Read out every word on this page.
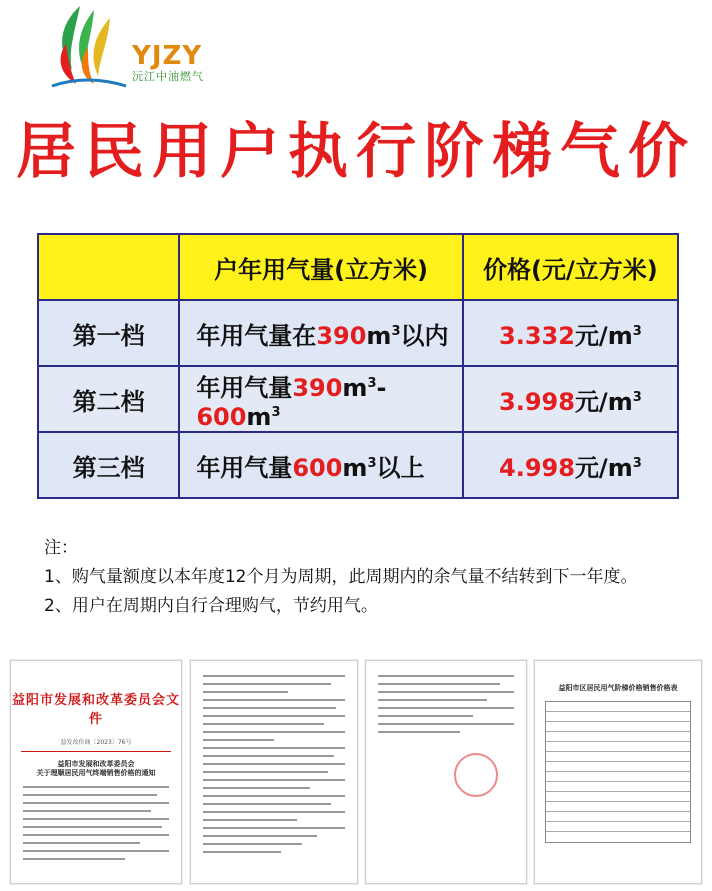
YJZY
沅江中油燃气
居民用户执行阶梯气价
	户年用气量(立方米)	价格(元/立方米)
第一档	年用气量在$390m^3$以内	3.332元$/m^3$
第二档	年用气量$390m^3-600m^3$	3.998元$/m^3$
第三档	年用气量$600m^3$以上	4.998元$/m^3$

注：

1、购气量额度以本年度12个月为周期，此周期内的余气量不结转到下一年度。

2、用户在周期内自行合理购气，节约用气。

益阳市发展和改革委员会文件
益发改价商〔2023〕76号
益阳市发展和改革委员会
关于理顺居民用气终端销售价格的通知
益阳市区居民用气阶梯价格销售价格表
